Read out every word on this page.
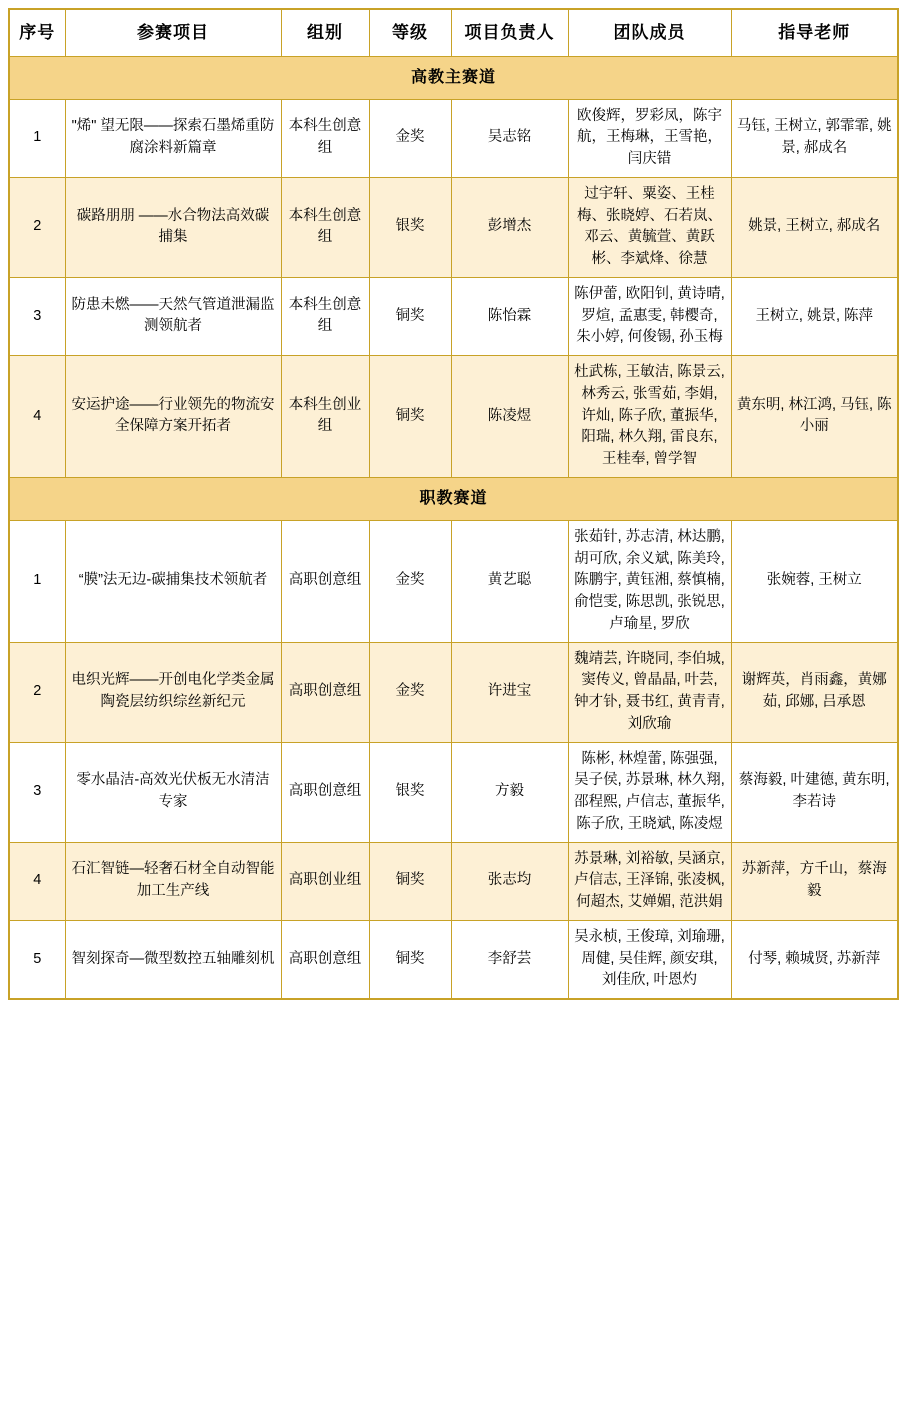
序号	参赛项目	组别	等级	项目负责人	团队成员	指导老师
高教主赛道						
1	"烯" 望无限——探索石墨烯重防腐涂料新篇章	本科生创意组	金奖	吴志铭	欧俊辉，罗彩凤，陈宇航，王梅琳，王雪艳，闫庆错	马钰, 王树立, 郭霏霏, 姚景, 郝成名
2	碳路朋朋 ——水合物法高效碳捕集	本科生创意组	银奖	彭增杰	过宇轩、粟姿、王桂梅、张晓婷、石若岚、邓云、黄毓萱、黄跃彬、李斌烽、徐慧	姚景, 王树立, 郝成名
3	防患未燃——天然气管道泄漏监测领航者	本科生创意组	铜奖	陈怡霖	陈伊蕾, 欧阳钊, 黄诗晴, 罗煊, 孟惠雯, 韩樱奇, 朱小婷, 何俊锡, 孙玉梅	王树立, 姚景, 陈萍
4	安运护途——行业领先的物流安全保障方案开拓者	本科生创业组	铜奖	陈凌煜	杜武栋, 王敏洁, 陈景云, 林秀云, 张雪茹, 李娟, 许灿, 陈子欣, 董振华, 阳瑞, 林久翔, 雷良东, 王桂奉, 曾学智	黄东明, 林江鸿, 马钰, 陈小丽
职教赛道						
1	“膜”法无边-碳捕集技术领航者	高职创意组	金奖	黄艺聪	张茹针, 苏志清, 林达鹏, 胡可欣, 余义斌, 陈美玲, 陈鹏宇, 黄钰湘, 蔡慎楠, 俞恺雯, 陈思凯, 张锐思, 卢瑜星, 罗欣	张婉蓉, 王树立
2	电织光辉——开创电化学类金属陶瓷层纺织综丝新纪元	高职创意组	金奖	许进宝	魏靖芸, 许晓同, 李伯城, 窦传义, 曾晶晶, 叶芸, 钟才钋, 聂书红, 黄青青, 刘欣瑜	谢辉英，肖雨鑫，黄娜茹, 邱娜, 吕承恩
3	零水晶洁-高效光伏板无水清洁专家	高职创意组	银奖	方毅	陈彬, 林煌蕾, 陈强强, 吴子侯, 苏景琳, 林久翔, 邵程熙, 卢信志, 董振华, 陈子欣, 王晓斌, 陈凌煜	蔡海毅, 叶建德, 黄东明, 李若诗
4	石汇智链—轻奢石材全自动智能加工生产线	高职创业组	铜奖	张志均	苏景琳, 刘裕敏, 吴涵京, 卢信志, 王泽锦, 张凌枫, 何超杰, 艾婵媚, 范洪娟	苏新萍，方千山，蔡海毅
5	智刻探奇—微型数控五轴雕刻机	高职创意组	铜奖	李舒芸	吴永桢, 王俊璋, 刘瑜珊, 周健, 吴佳辉, 颜安琪, 刘佳欣, 叶恩灼	付琴, 赖城贤, 苏新萍
